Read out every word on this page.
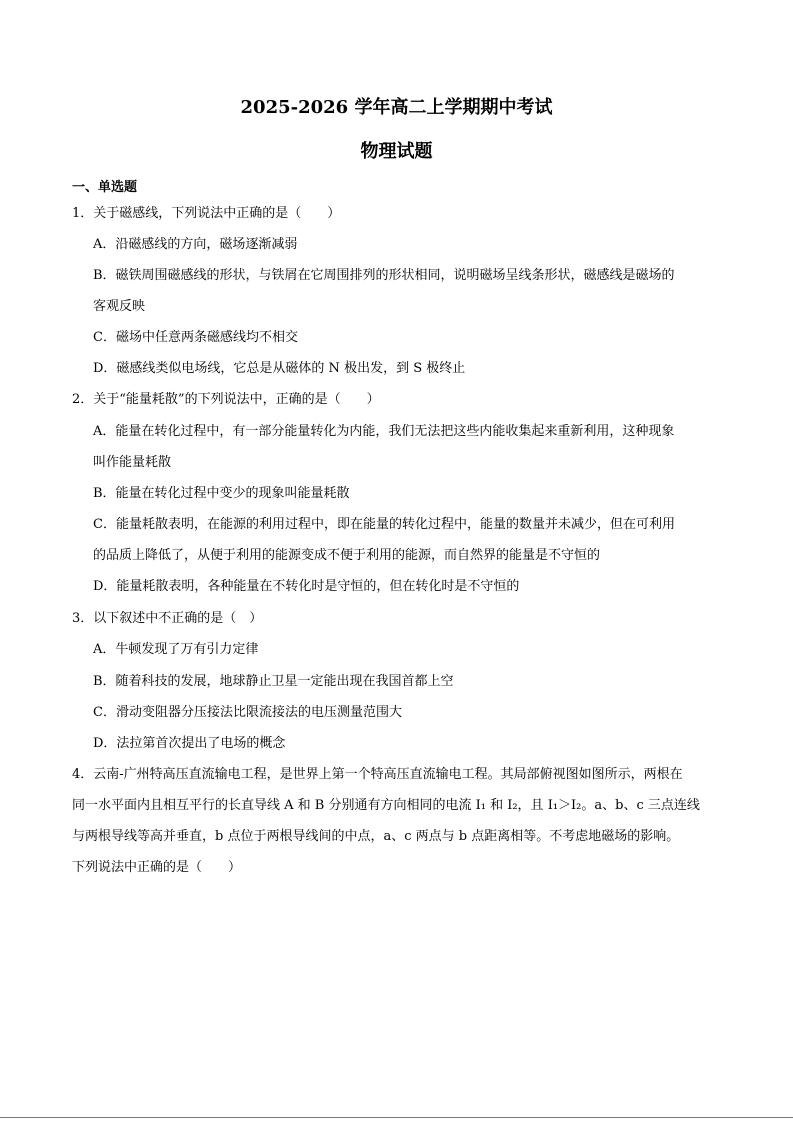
2025-2026 学年高二上学期期中考试
物理试题
一、单选题
1．关于磁感线，下列说法中正确的是（　　）
A．沿磁感线的方向，磁场逐渐减弱
B．磁铁周围磁感线的形状，与铁屑在它周围排列的形状相同，说明磁场呈线条形状，磁感线是磁场的
客观反映
C．磁场中任意两条磁感线均不相交
D．磁感线类似电场线，它总是从磁体的 N 极出发，到 S 极终止
2．关于“能量耗散”的下列说法中，正确的是（　　）
A．能量在转化过程中，有一部分能量转化为内能，我们无法把这些内能收集起来重新利用，这种现象
叫作能量耗散
B．能量在转化过程中变少的现象叫能量耗散
C．能量耗散表明，在能源的利用过程中，即在能量的转化过程中，能量的数量并未减少，但在可利用
的品质上降低了，从便于利用的能源变成不便于利用的能源，而自然界的能量是不守恒的
D．能量耗散表明，各种能量在不转化时是守恒的，但在转化时是不守恒的
3．以下叙述中不正确的是（　）
A．牛顿发现了万有引力定律
B．随着科技的发展，地球静止卫星一定能出现在我国首都上空
C．滑动变阻器分压接法比限流接法的电压测量范围大
D．法拉第首次提出了电场的概念
4．云南-广州特高压直流输电工程，是世界上第一个特高压直流输电工程。其局部俯视图如图所示，两根在
同一水平面内且相互平行的长直导线 A 和 B 分别通有方向相同的电流 I₁ 和 I₂，且 I₁＞I₂。a、b、c 三点连线
与两根导线等高并垂直，b 点位于两根导线间的中点，a、c 两点与 b 点距离相等。不考虑地磁场的影响。
下列说法中正确的是（　　）
